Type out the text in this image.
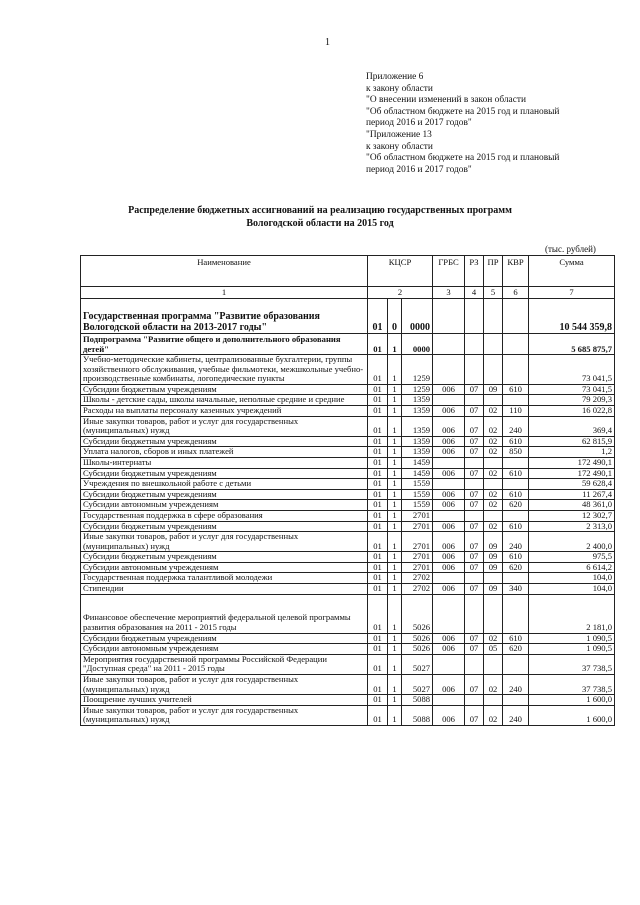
1
Приложение 6
к закону области
"О внесении изменений в закон области
"Об областном бюджете на 2015 год и плановый
период 2016 и 2017 годов"
"Приложение 13
к закону области
"Об областном бюджете на 2015 год и плановый
период 2016 и 2017 годов"
Распределение бюджетных ассигнований на реализацию государственных программ
Вологодской области на 2015 год
(тыс. рублей)
Наименование	КЦСР			ГРБС	РЗ	ПР	КВР	Сумма
1	2			3	4	5	6	7
Государственная программа "Развитие образования Вологодской области на 2013-2017 годы"	01	0	0000					10 544 359,8
Подпрограмма "Развитие общего и дополнительного образования детей"	01	1	0000					5 685 875,7
Учебно-методические кабинеты, централизованные бухгалтерии, группы хозяйственного обслуживания, учебные фильмотеки, межшкольные учебно-производственные комбинаты, логопедические пункты	01	1	1259					73 041,5
Субсидии бюджетным учреждениям	01	1	1259	006	07	09	610	73 041,5
Школы - детские сады, школы начальные, неполные средние и средние	01	1	1359					79 209,3
Расходы на выплаты персоналу казенных учреждений	01	1	1359	006	07	02	110	16 022,8
Иные закупки товаров, работ и услуг для государственных (муниципальных) нужд	01	1	1359	006	07	02	240	369,4
Субсидии бюджетным учреждениям	01	1	1359	006	07	02	610	62 815,9
Уплата налогов, сборов и иных платежей	01	1	1359	006	07	02	850	1,2
Школы-интернаты	01	1	1459					172 490,1
Субсидии бюджетным учреждениям	01	1	1459	006	07	02	610	172 490,1
Учреждения по внешкольной работе с детьми	01	1	1559					59 628,4
Субсидии бюджетным учреждениям	01	1	1559	006	07	02	610	11 267,4
Субсидии автономным учреждениям	01	1	1559	006	07	02	620	48 361,0
Государственная поддержка в сфере образования	01	1	2701					12 302,7
Субсидии бюджетным учреждениям	01	1	2701	006	07	02	610	2 313,0
Иные закупки товаров, работ и услуг для государственных (муниципальных) нужд	01	1	2701	006	07	09	240	2 400,0
Субсидии бюджетным учреждениям	01	1	2701	006	07	09	610	975,5
Субсидии автономным учреждениям	01	1	2701	006	07	09	620	6 614,2
Государственная поддержка талантливой молодежи	01	1	2702					104,0
Стипендии	01	1	2702	006	07	09	340	104,0
Финансовое обеспечение мероприятий федеральной целевой программы развития образования на 2011 - 2015 годы	01	1	5026					2 181,0
Субсидии бюджетным учреждениям	01	1	5026	006	07	02	610	1 090,5
Субсидии автономным учреждениям	01	1	5026	006	07	05	620	1 090,5
Мероприятия государственной программы Российской Федерации "Доступная среда" на 2011 - 2015 годы	01	1	5027					37 738,5
Иные закупки товаров, работ и услуг для государственных (муниципальных) нужд	01	1	5027	006	07	02	240	37 738,5
Поощрение лучших учителей	01	1	5088					1 600,0
Иные закупки товаров, работ и услуг для государственных (муниципальных) нужд	01	1	5088	006	07	02	240	1 600,0
